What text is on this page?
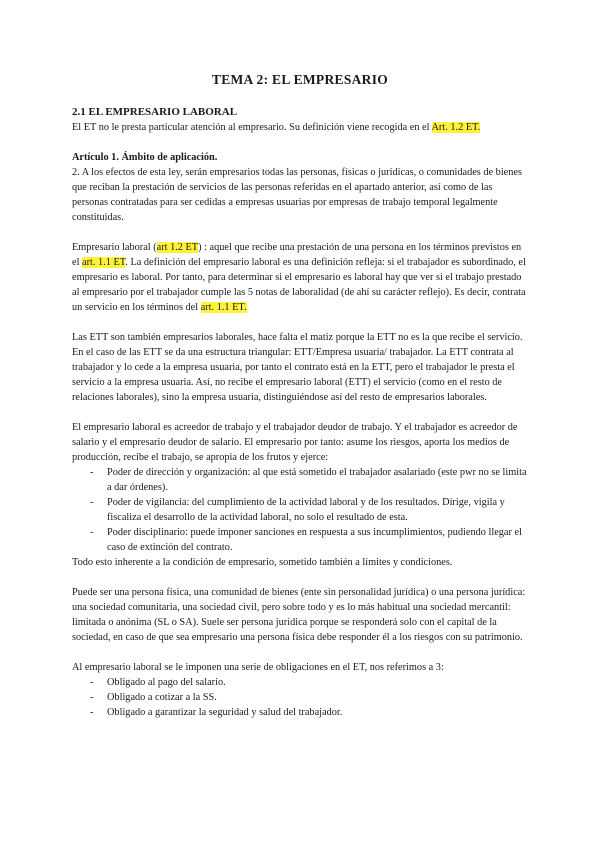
TEMA 2: EL EMPRESARIO

2.1 EL EMPRESARIO LABORAL

El ET no le presta particular atención al empresario. Su definición viene recogida en el Art. 1.2 ET.

Artículo 1. Ámbito de aplicación.

2. A los efectos de esta ley, serán empresarios todas las personas, físicas o jurídicas, o comunidades de bienes que reciban la prestación de servicios de las personas referidas en el apartado anterior, así como de las personas contratadas para ser cedidas a empresas usuarias por empresas de trabajo temporal legalmente constituidas.

Empresario laboral (art 1.2 ET) : aquel que recibe una prestación de una persona en los términos previstos en el art. 1.1 ET. La definición del empresario laboral es una definición refleja: si el trabajador es subordinado, el empresario es laboral. Por tanto, para determinar si el empresario es laboral hay que ver si el trabajo prestado al empresario por el trabajador cumple las 5 notas de laboralidad (de ahí su carácter reflejo). Es decir, contrata un servicio en los términos del art. 1.1 ET.

Las ETT son también empresarios laborales, hace falta el matiz porque la ETT no es la que recibe el servicio. En el caso de las ETT se da una estructura triangular: ETT/Empresa usuaria/ trabajador. La ETT contrata al trabajador y lo cede a la empresa usuaria, por tanto el contrato está en la ETT, pero el trabajador le presta el servicio a la empresa usuaria. Así, no recibe el empresario laboral (ETT) el servicio (como en el resto de relaciones laborales), sino la empresa usuaria, distinguiéndose así del resto de empresarios laborales.

El empresario laboral es acreedor de trabajo y el trabajador deudor de trabajo. Y el trabajador es acreedor de salario y el empresario deudor de salario. El empresario por tanto: asume los riesgos, aporta los medios de producción, recibe el trabajo, se apropia de los frutos y ejerce:

- Poder de dirección y organización: al que está sometido el trabajador asalariado (este pwr no se limita a dar órdenes).
- Poder de vigilancia: del cumplimiento de la actividad laboral y de los resultados. Dirige, vigila y fiscaliza el desarrollo de la actividad laboral, no solo el resultado de esta.
- Poder disciplinario: puede imponer sanciones en respuesta a sus incumplimientos, pudiendo llegar el caso de extinción del contrato.

Todo esto inherente a la condición de empresario, sometido también a límites y condiciones.

Puede ser una persona física, una comunidad de bienes (ente sin personalidad jurídica) o una persona jurídica: una sociedad comunitaria, una sociedad civil, pero sobre todo y es lo más habitual una sociedad mercantil: limitada o anónima (SL o SA). Suele ser persona jurídica porque se responderá solo con el capital de la sociedad, en caso de que sea empresario una persona física debe responder él a los riesgos con su patrimonio.

Al empresario laboral se le imponen una serie de obligaciones en el ET, nos referimos a 3:

- Obligado al pago del salario.
- Obligado a cotizar a la SS.
- Obligado a garantizar la seguridad y salud del trabajador.
